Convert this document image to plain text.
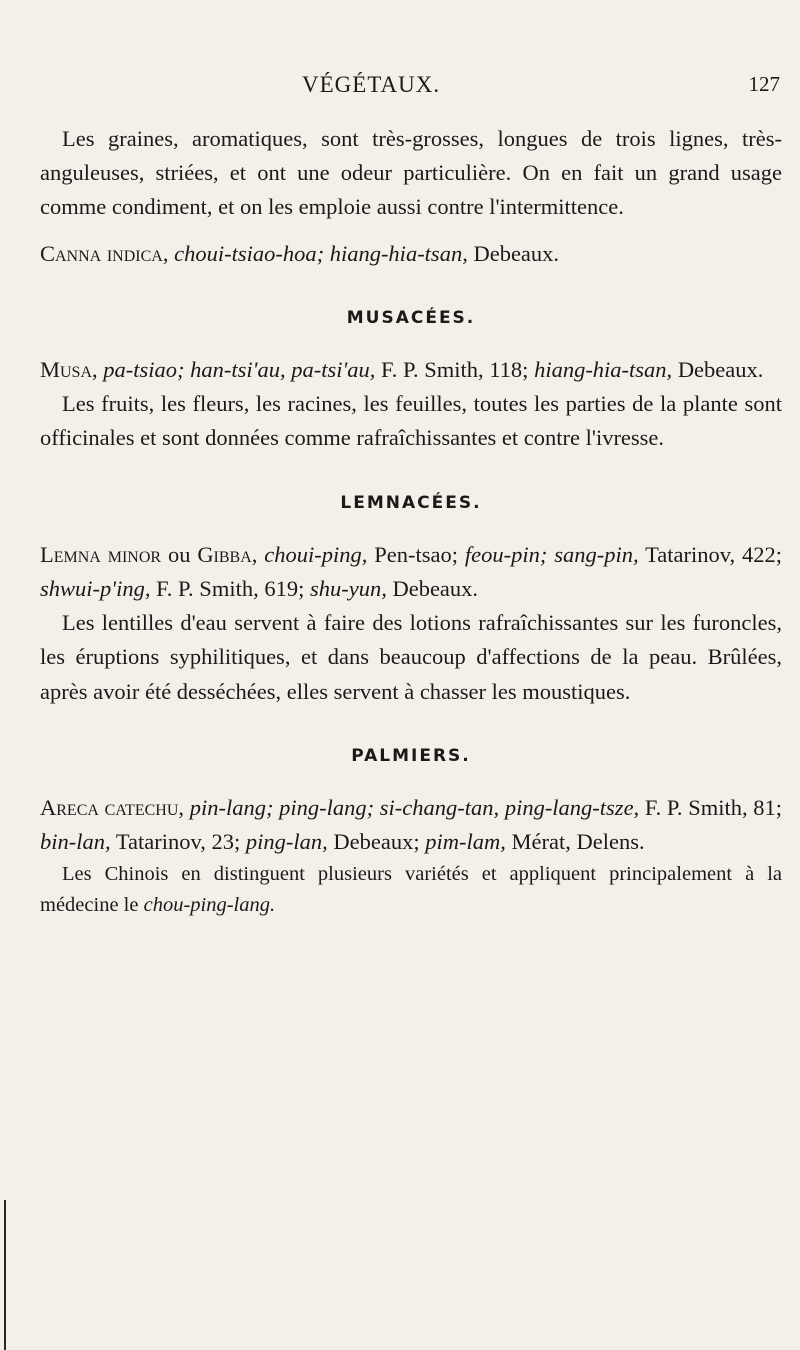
VÉGÉTAUX.	127

Les graines, aromatiques, sont très-grosses, longues de trois lignes, très-anguleuses, striées, et ont une odeur particulière. On en fait un grand usage comme condiment, et on les emploie aussi contre l'intermittence.

Canna indica, choui-tsiao-hoa; hiang-hia-tsan, Debeaux.

MUSACÉES.

Musa, pa-tsiao; han-tsi'au, pa-tsi'au, F. P. Smith, 118; hiang-hia-tsan, Debeaux.

Les fruits, les fleurs, les racines, les feuilles, toutes les parties de la plante sont officinales et sont données comme rafraîchissantes et contre l'ivresse.

LEMNACÉES.

Lemna minor ou Gibba, choui-ping, Pen-tsao; feou-pin; sang-pin, Tatarinov, 422; shwui-p'ing, F. P. Smith, 619; shu-yun, Debeaux.

Les lentilles d'eau servent à faire des lotions rafraîchissantes sur les furoncles, les éruptions syphilitiques, et dans beaucoup d'affections de la peau. Brûlées, après avoir été desséchées, elles servent à chasser les moustiques.

PALMIERS.

Areca catechu, pin-lang; ping-lang; si-chang-tan, ping-lang-tsze, F. P. Smith, 81; bin-lan, Tatarinov, 23; ping-lan, Debeaux; pim-lam, Mérat, Delens.

Les Chinois en distinguent plusieurs variétés et appliquent principalement à la médecine le chou-ping-lang.
